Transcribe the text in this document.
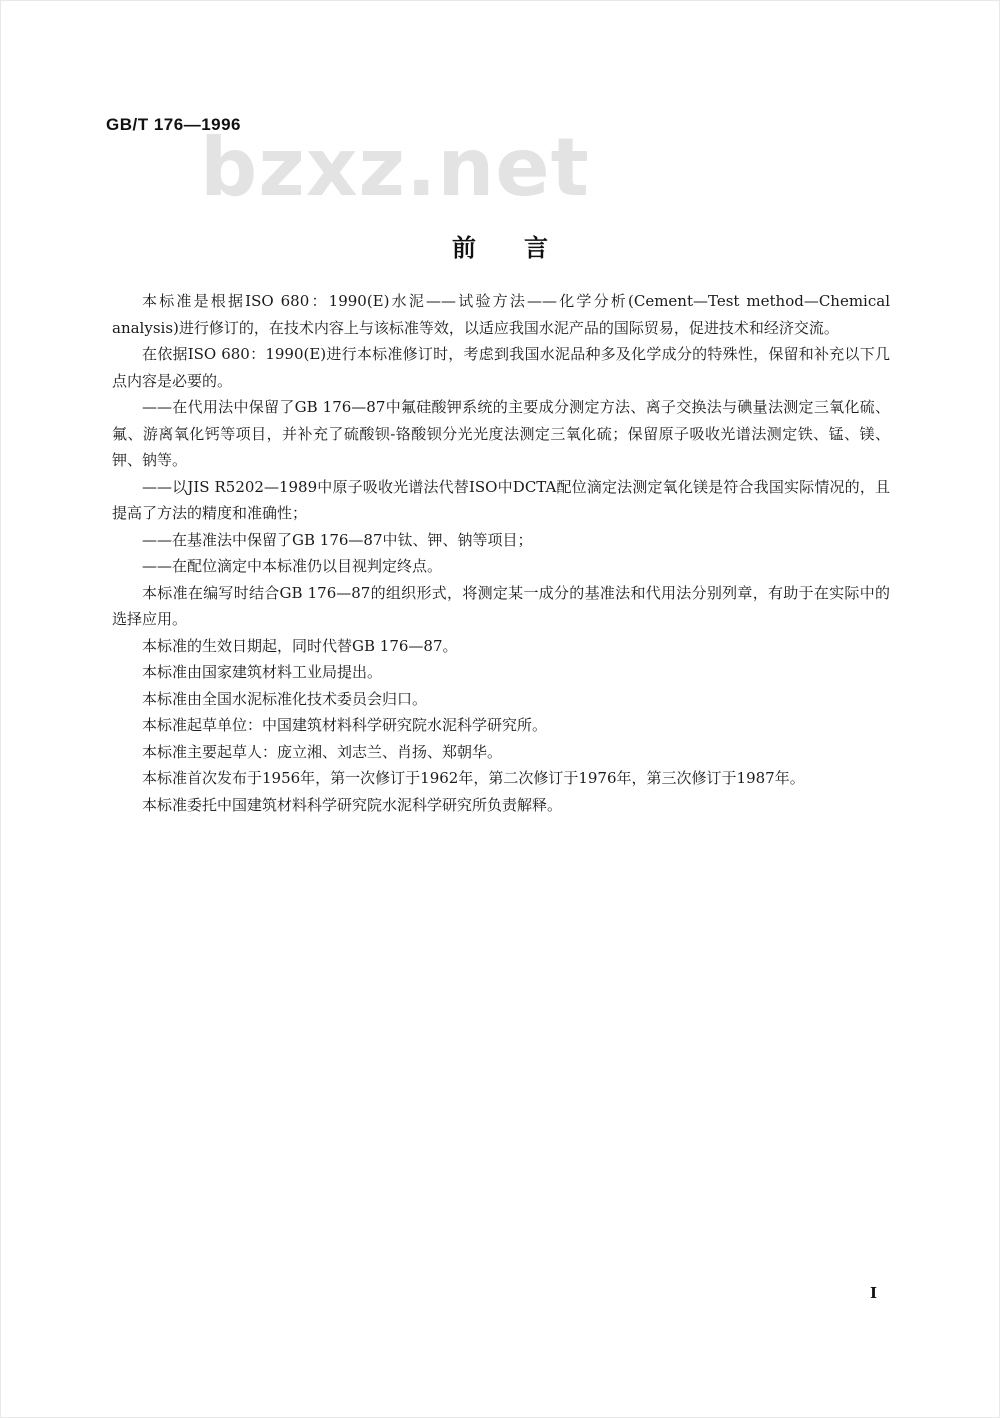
GB/T 176—1996
bzxz.net
前言

本标准是根据ISO 680：1990(E)水泥——试验方法——化学分析(Cement—Test method—Chemical analysis)进行修订的，在技术内容上与该标准等效，以适应我国水泥产品的国际贸易，促进技术和经济交流。

在依据ISO 680：1990(E)进行本标准修订时，考虑到我国水泥品种多及化学成分的特殊性，保留和补充以下几点内容是必要的。

——在代用法中保留了GB 176—87中氟硅酸钾系统的主要成分测定方法、离子交换法与碘量法测定三氧化硫、氟、游离氧化钙等项目，并补充了硫酸钡-铬酸钡分光光度法测定三氧化硫；保留原子吸收光谱法测定铁、锰、镁、钾、钠等。

——以JIS R5202—1989中原子吸收光谱法代替ISO中DCTA配位滴定法测定氧化镁是符合我国实际情况的，且提高了方法的精度和准确性；

——在基准法中保留了GB 176—87中钛、钾、钠等项目；

——在配位滴定中本标准仍以目视判定终点。

本标准在编写时结合GB 176—87的组织形式，将测定某一成分的基准法和代用法分别列章，有助于在实际中的选择应用。

本标准的生效日期起，同时代替GB 176—87。

本标准由国家建筑材料工业局提出。

本标准由全国水泥标准化技术委员会归口。

本标准起草单位：中国建筑材料科学研究院水泥科学研究所。

本标准主要起草人：庞立湘、刘志兰、肖扬、郑朝华。

本标准首次发布于1956年，第一次修订于1962年，第二次修订于1976年，第三次修订于1987年。

本标准委托中国建筑材料科学研究院水泥科学研究所负责解释。

I
